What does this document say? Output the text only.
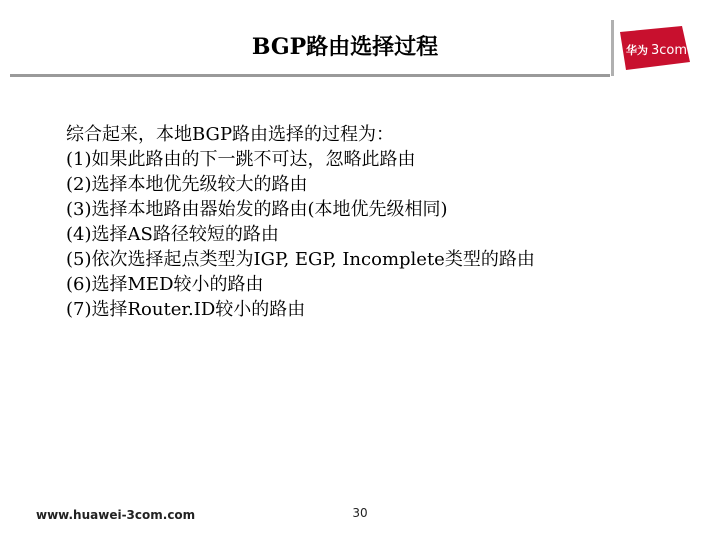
BGP路由选择过程	华为 3com
综合起来，本地BGP路由选择的过程为：
(1)如果此路由的下一跳不可达，忽略此路由
(2)选择本地优先级较大的路由
(3)选择本地路由器始发的路由(本地优先级相同)
(4)选择AS路径较短的路由
(5)依次选择起点类型为IGP, EGP, Incomplete类型的路由
(6)选择MED较小的路由
(7)选择Router.ID较小的路由
www.huawei-3com.com	30
